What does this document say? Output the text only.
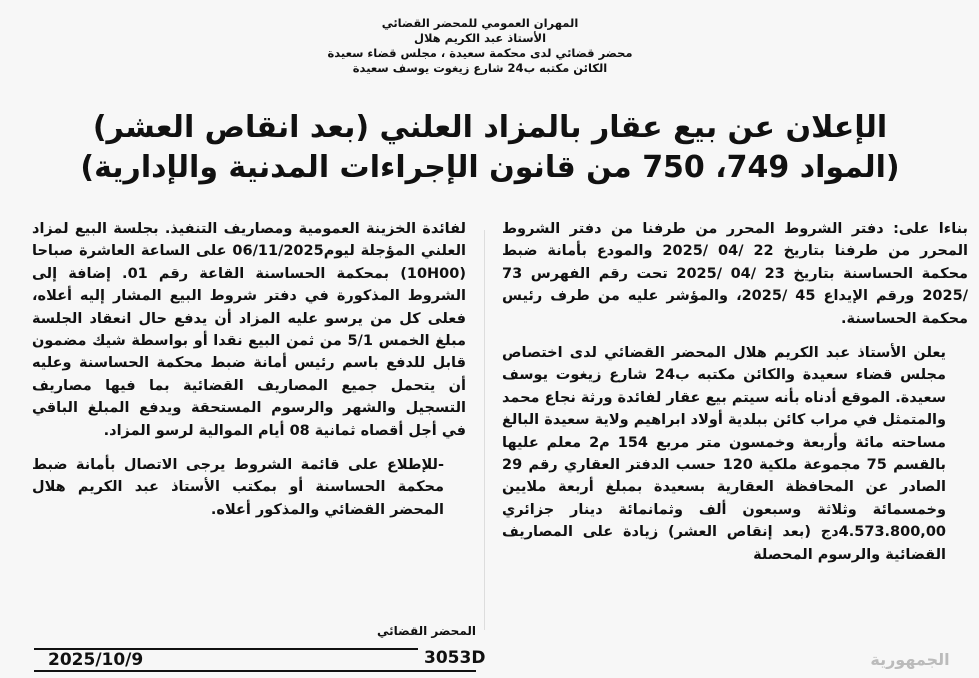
المهران العمومي للمحضر القضائي
الأستاذ عبد الكريم هلال
محضر قضائي لدى محكمة سعيدة ، مجلس قضاء سعيدة
الكائن مكتبه ب24 شارع زيغوت يوسف سعيدة
الإعلان عن بيع عقار بالمزاد العلني (بعد انقاص العشر)
(المواد 749، 750 من قانون الإجراءات المدنية والإدارية)

بناءا على: دفتر الشروط المحرر من طرفنا من دفتر الشروط المحرر من طرفنا بتاريخ 22 /04 /2025 والمودع بأمانة ضبط محكمة الحساسنة بتاريخ 23 /04 /2025 تحت رقم الفهرس 73 /2025 ورقم الإيداع 45 /2025، والمؤشر عليه من طرف رئيس محكمة الحساسنة.

يعلن الأستاذ عبد الكريم هلال المحضر القضائي لدى اختصاص مجلس قضاء سعيدة والكائن مكتبه ب24 شارع زيغوت يوسف سعيدة. الموقع أدناه بأنه سيتم بيع عقار لفائدة ورثة نجاع محمد والمتمثل في مراب كائن ببلدية أولاد ابراهيم ولاية سعيدة البالغ مساحته مائة وأربعة وخمسون متر مربع 154 م2 معلم عليها بالقسم 75 مجموعة ملكية 120 حسب الدفتر العقاري رقم 29 الصادر عن المحافظة العقارية بسعيدة بمبلغ أربعة ملايين وخمسمائة وثلاثة وسبعون ألف وثمانمائة دينار جزائري 4.573.800,00دج (بعد إنقاص العشر) زيادة على المصاريف القضائية والرسوم المحصلة

لفائدة الخزينة العمومية ومصاريف التنفيذ. بجلسة البيع لمزاد العلني المؤجلة ليوم06/11/2025 على الساعة العاشرة صباحا (10H00) بمحكمة الحساسنة القاعة رقم 01. إضافة إلى الشروط المذكورة في دفتر شروط البيع المشار إليه أعلاه، فعلى كل من يرسو عليه المزاد أن يدفع حال انعقاد الجلسة مبلغ الخمس 5/1 من ثمن البيع نقدا أو بواسطة شيك مضمون قابل للدفع باسم رئيس أمانة ضبط محكمة الحساسنة وعليه أن يتحمل جميع المصاريف القضائية بما فيها مصاريف التسجيل والشهر والرسوم المستحقة ويدفع المبلغ الباقي في أجل أقصاه ثمانية 08 أيام الموالية لرسو المزاد.

-للإطلاع على قائمة الشروط يرجى الاتصال بأمانة ضبط محكمة الحساسنة أو بمكتب الأستاذ عبد الكريم هلال المحضر القضائي والمذكور أعلاه.

المحضر القضائي
2025/10/9	3053D	الجمهورية
